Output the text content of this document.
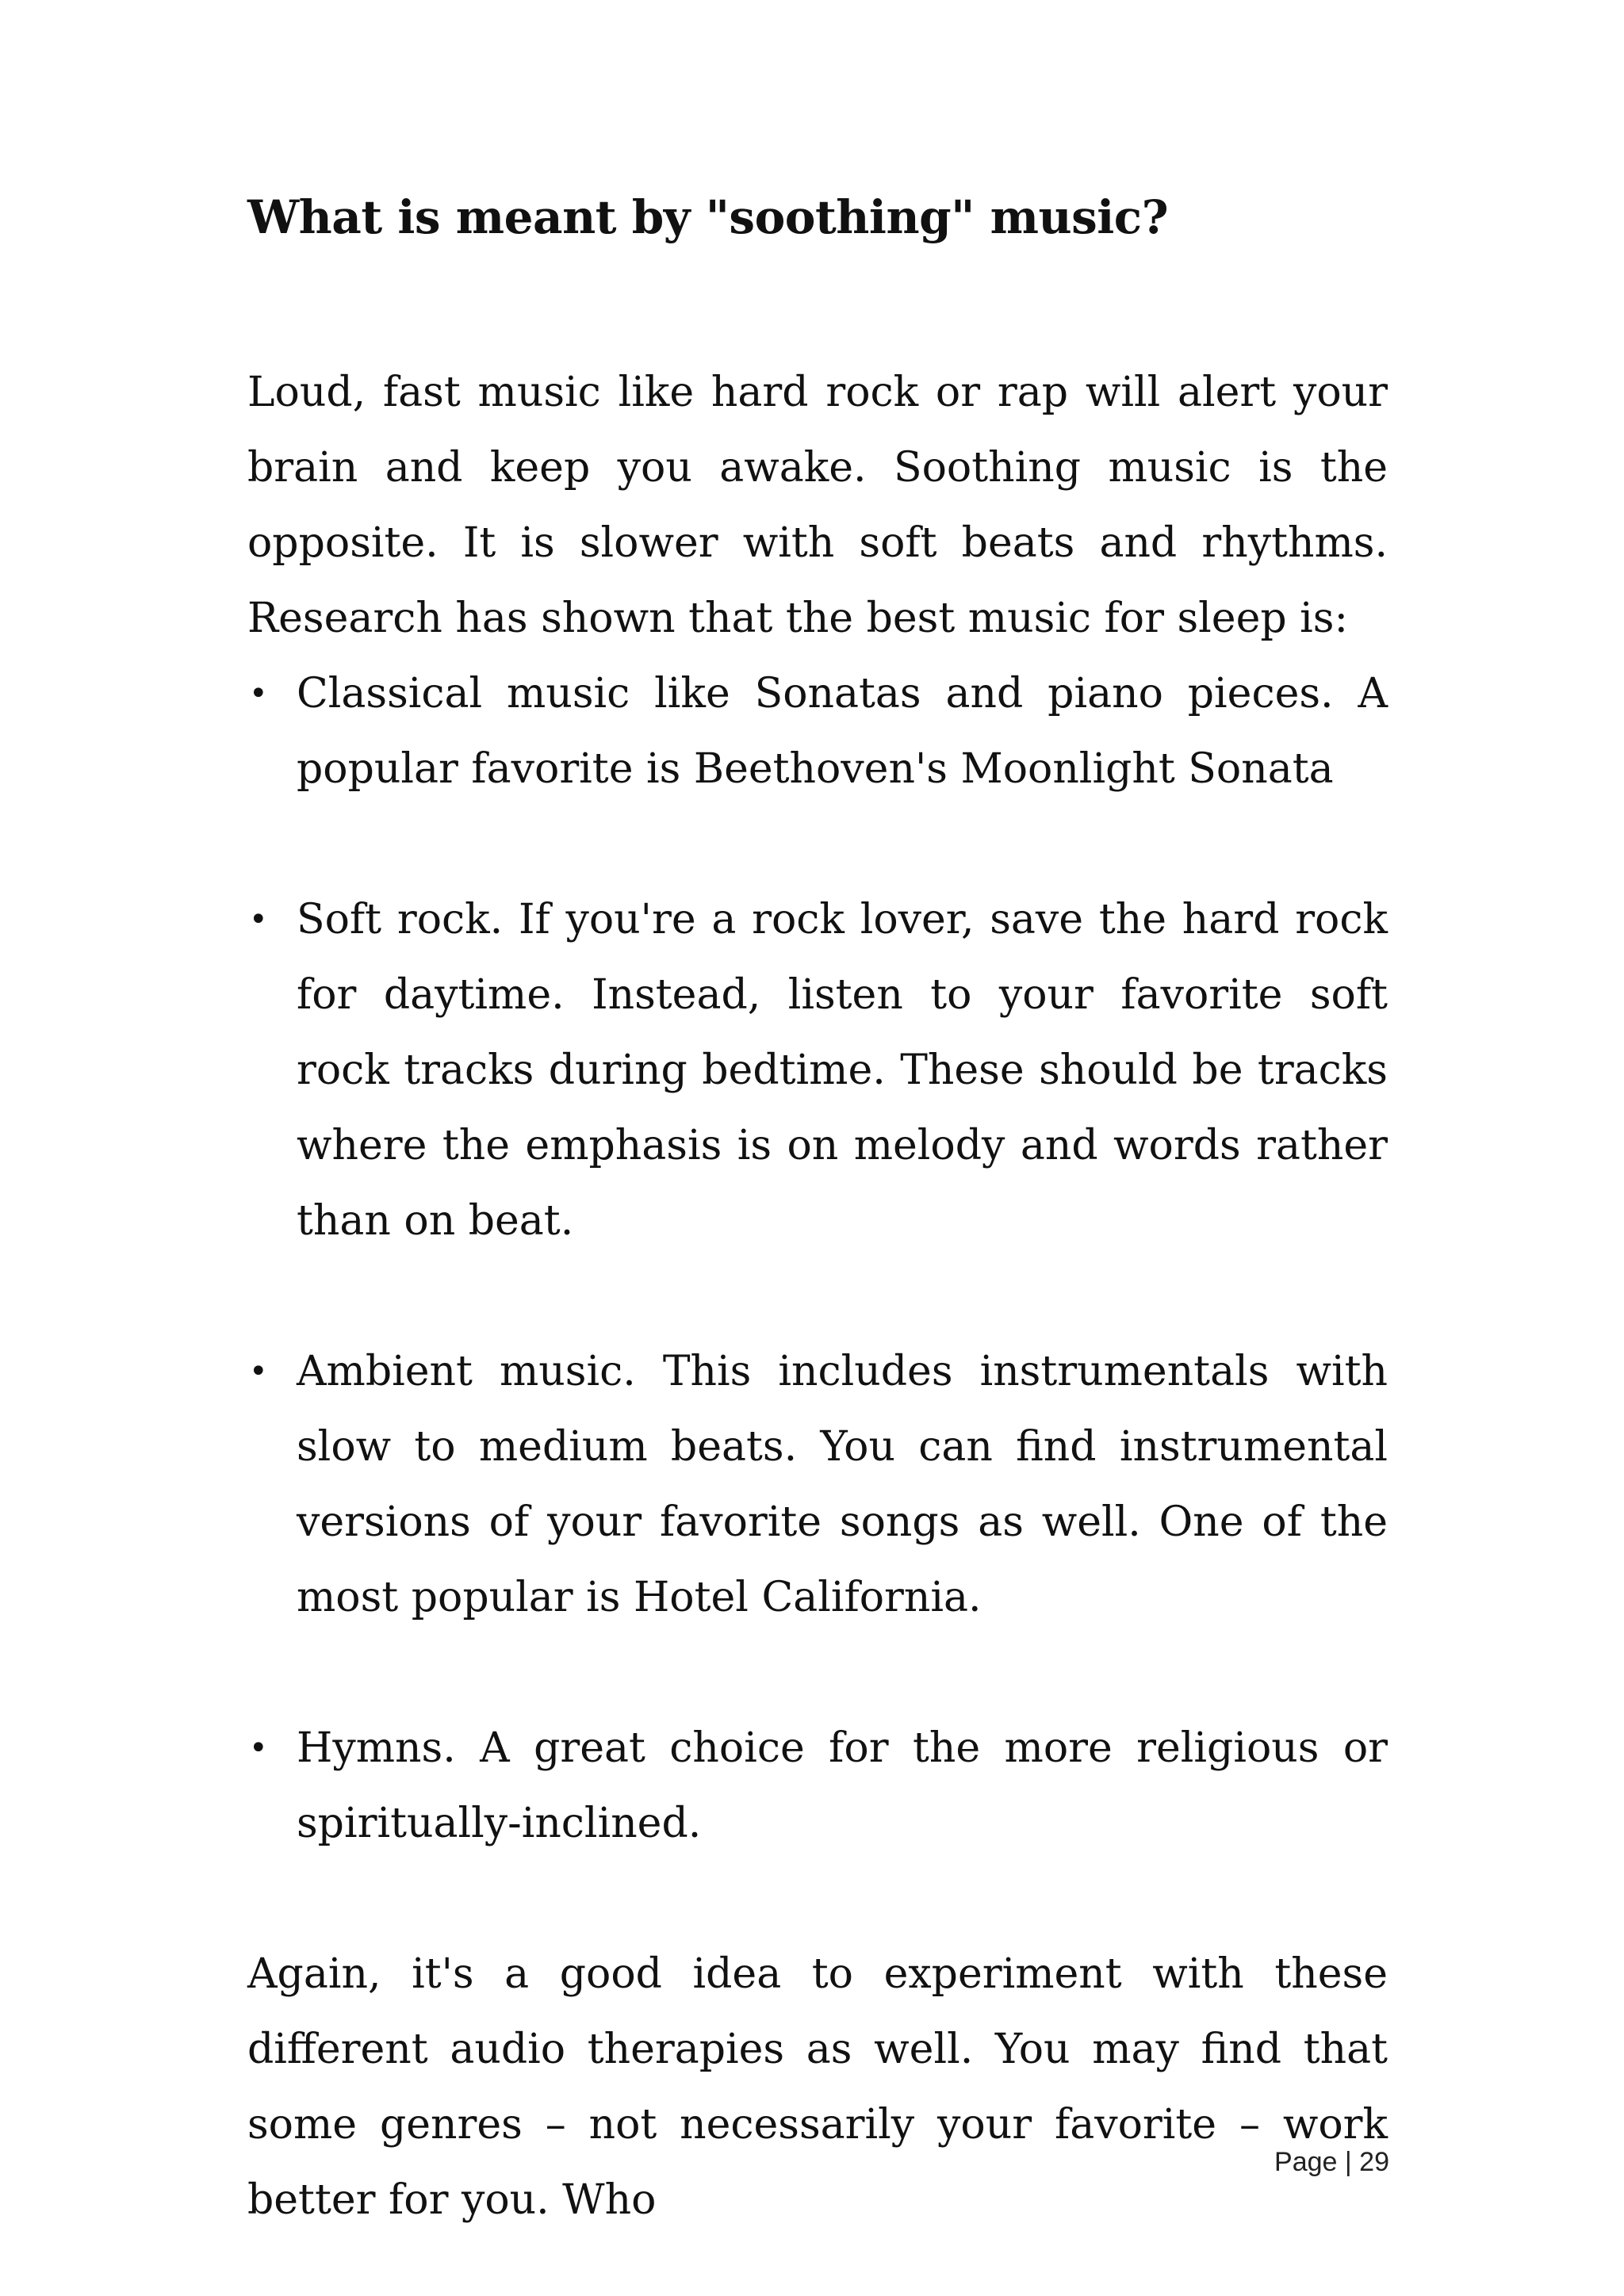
What is meant by "soothing" music?

Loud, fast music like hard rock or rap will alert your brain and keep you awake. Soothing music is the opposite. It is slower with soft beats and rhythms. Research has shown that the best music for sleep is:

• Classical music like Sonatas and piano pieces. A popular favorite is Beethoven's Moonlight Sonata
• Soft rock. If you're a rock lover, save the hard rock for daytime. Instead, listen to your favorite soft rock tracks during bedtime. These should be tracks where the emphasis is on melody and words rather than on beat.
• Ambient music. This includes instrumentals with slow to medium beats. You can find instrumental versions of your favorite songs as well. One of the most popular is Hotel California.
• Hymns. A great choice for the more religious or spiritually-inclined.

Again, it's a good idea to experiment with these different audio therapies as well. You may find that some genres – not necessarily your favorite – work better for you. Who

Page | 29
